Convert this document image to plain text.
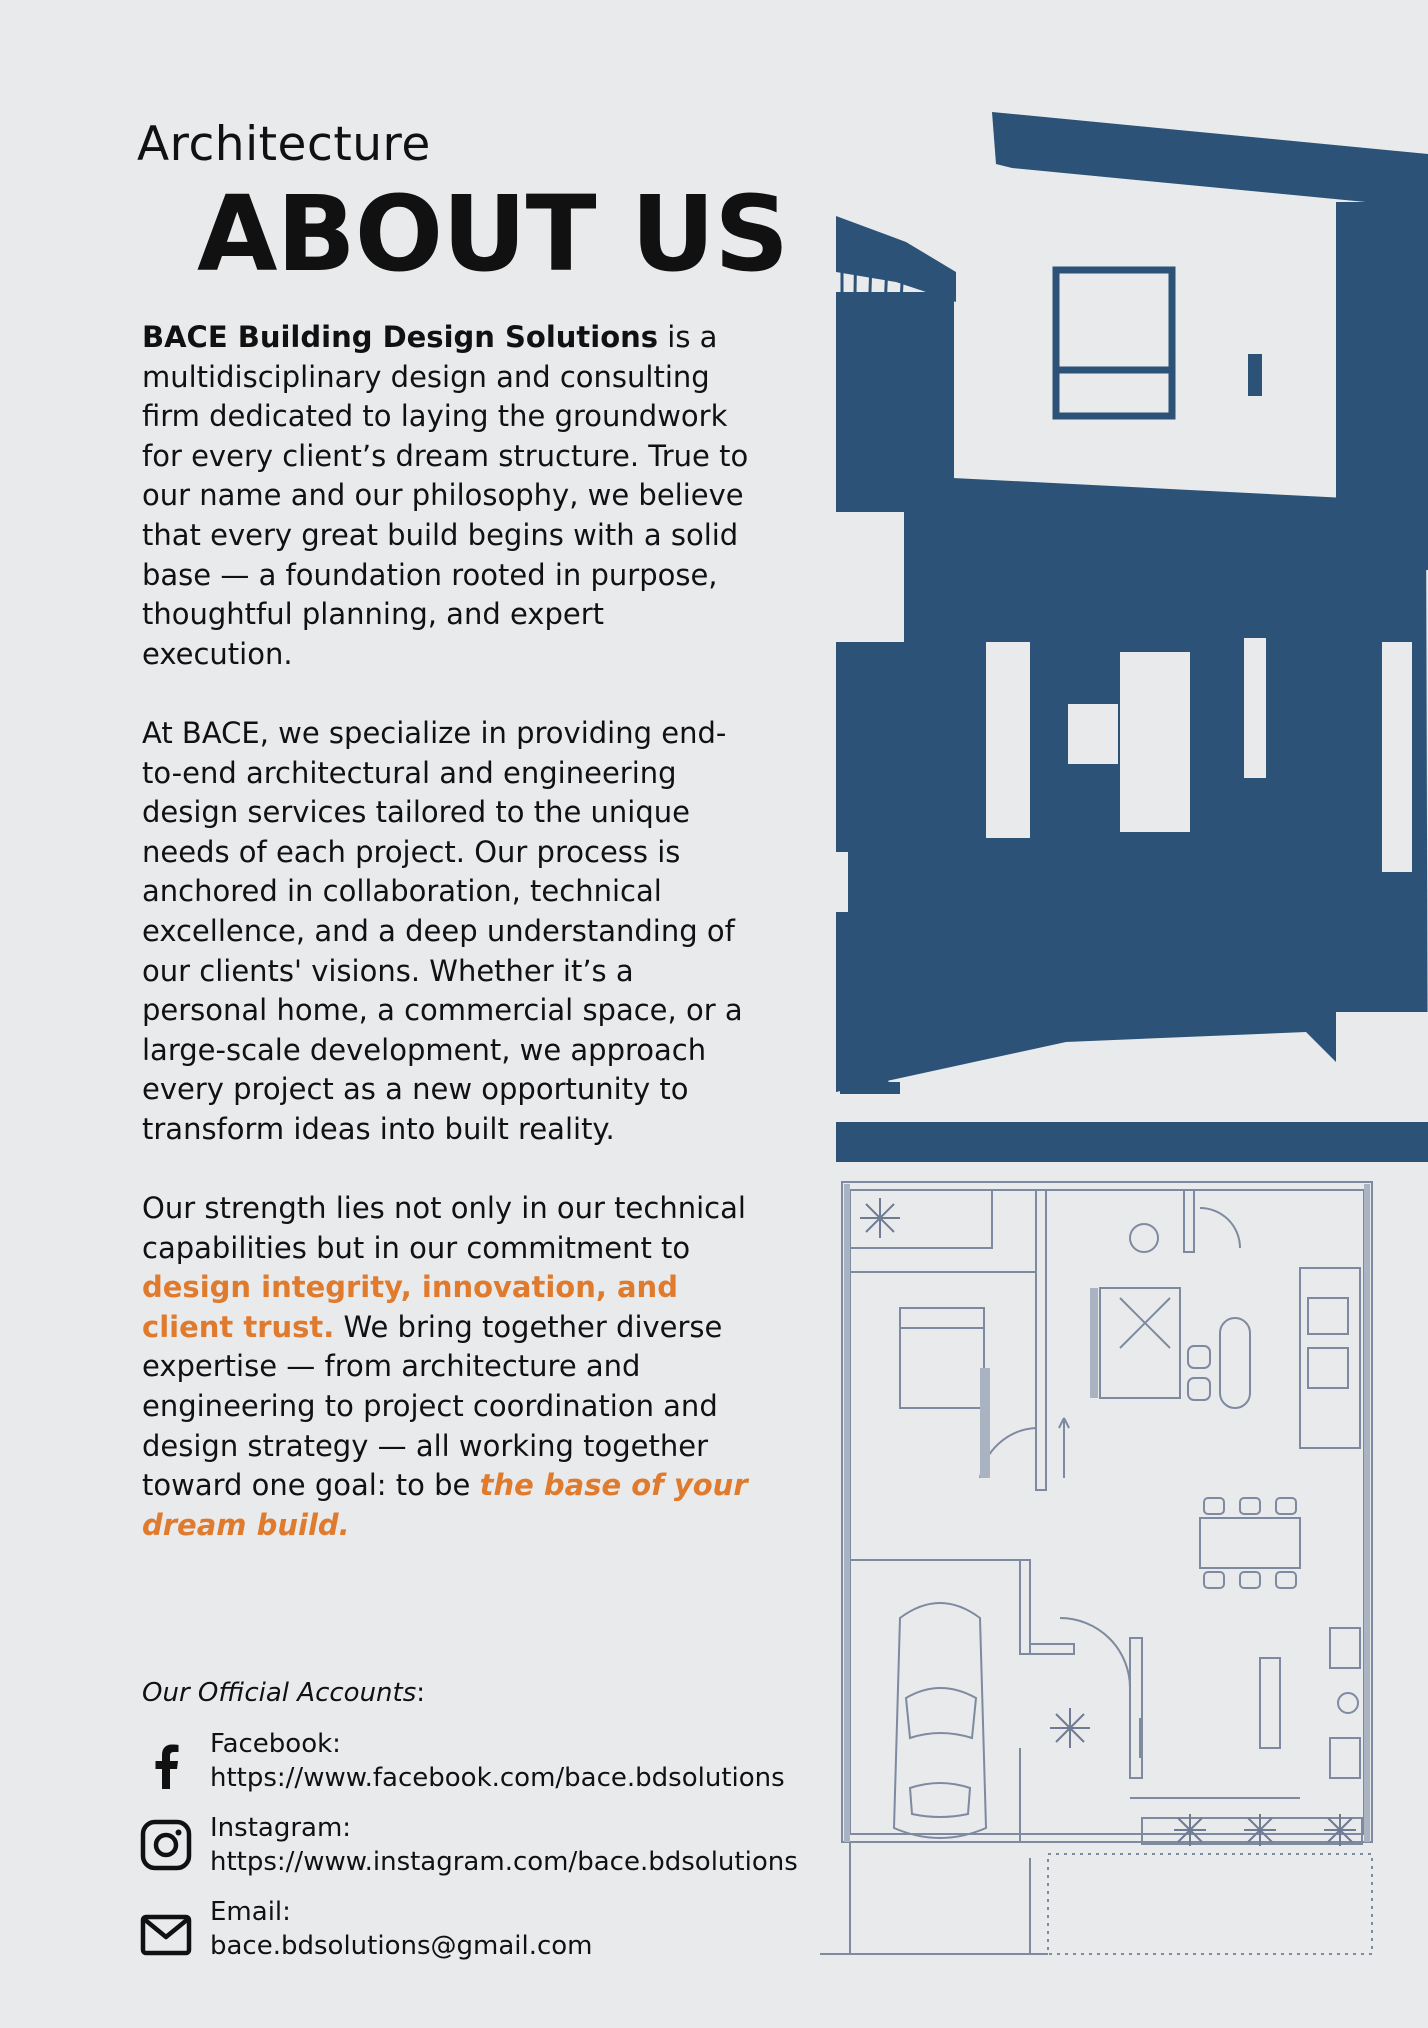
Architecture
ABOUT US

BACE Building Design Solutions is a multidisciplinary design and consulting firm dedicated to laying the groundwork for every client’s dream structure. True to our name and our philosophy, we believe that every great build begins with a solid base — a foundation rooted in purpose, thoughtful planning, and expert execution.

At BACE, we specialize in providing end-to-end architectural and engineering design services tailored to the unique needs of each project. Our process is anchored in collaboration, technical excellence, and a deep understanding of our clients' visions. Whether it’s a personal home, a commercial space, or a large-scale development, we approach every project as a new opportunity to transform ideas into built reality.

Our strength lies not only in our technical capabilities but in our commitment to design integrity, innovation, and client trust. We bring together diverse expertise — from architecture and engineering to project coordination and design strategy — all working together toward one goal: to be the base of your dream build.

Our Official Accounts:
Facebook:
https://www.facebook.com/bace.bdsolutions
Instagram:
https://www.instagram.com/bace.bdsolutions
Email:
bace.bdsolutions@gmail.com
